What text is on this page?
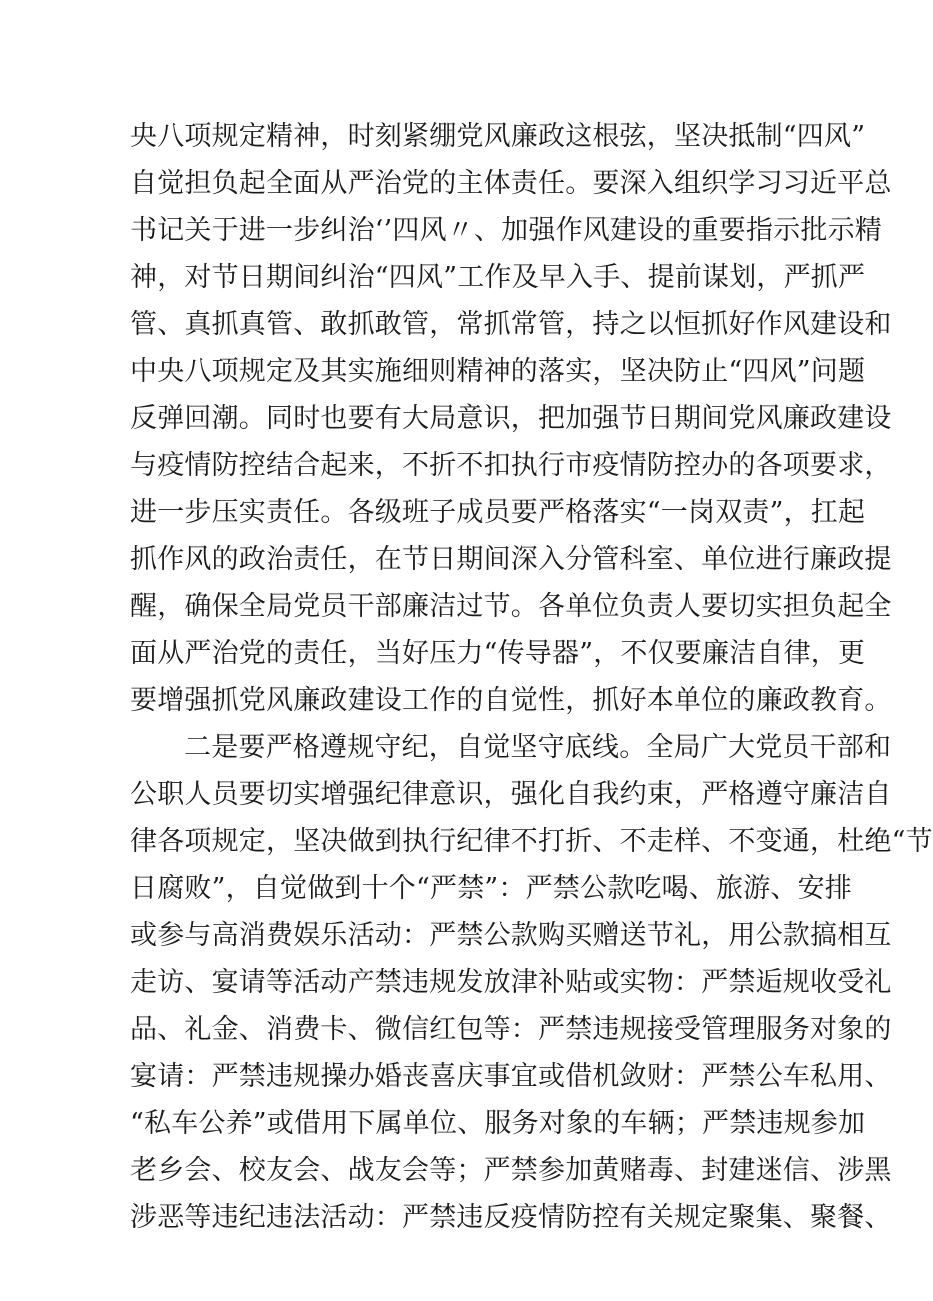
央八项规定精神，时刻紧绷党风廉政这根弦，坚决抵制“四风”
自觉担负起全面从严治党的主体责任。要深入组织学习习近平总
书记关于进一步纠治‘’四风〃、加强作风建设的重要指示批示精
神，对节日期间纠治“四风”工作及早入手、提前谋划，严抓严
管、真抓真管、敢抓敢管，常抓常管，持之以恒抓好作风建设和
中央八项规定及其实施细则精神的落实，坚决防止“四风”问题
反弹回潮。同时也要有大局意识，把加强节日期间党风廉政建设
与疫情防控结合起来，不折不扣执行市疫情防控办的各项要求，
进一步压实责任。各级班子成员要严格落实“一岗双责”，扛起
抓作风的政治责任，在节日期间深入分管科室、单位进行廉政提
醒，确保全局党员干部廉洁过节。各单位负责人要切实担负起全
面从严治党的责任，当好压力“传导器”，不仅要廉洁自律，更
要增强抓党风廉政建设工作的自觉性，抓好本单位的廉政教育。
二是要严格遵规守纪，自觉坚守底线。全局广大党员干部和
公职人员要切实增强纪律意识，强化自我约束，严格遵守廉洁自
律各项规定，坚决做到执行纪律不打折、不走样、不变通，杜绝“节
日腐败”，自觉做到十个“严禁”：严禁公款吃喝、旅游、安排
或参与高消费娱乐活动：严禁公款购买赠送节礼，用公款搞相互
走访、宴请等活动产禁违规发放津补贴或实物：严禁逅规收受礼
品、礼金、消费卡、微信红包等：严禁违规接受管理服务对象的
宴请：严禁违规操办婚丧喜庆事宜或借机敛财：严禁公车私用、
“私车公养”或借用下属单位、服务对象的车辆；严禁违规参加
老乡会、校友会、战友会等；严禁参加黄赌毒、封建迷信、涉黑
涉恶等违纪违法活动：严禁违反疫情防控有关规定聚集、聚餐、
